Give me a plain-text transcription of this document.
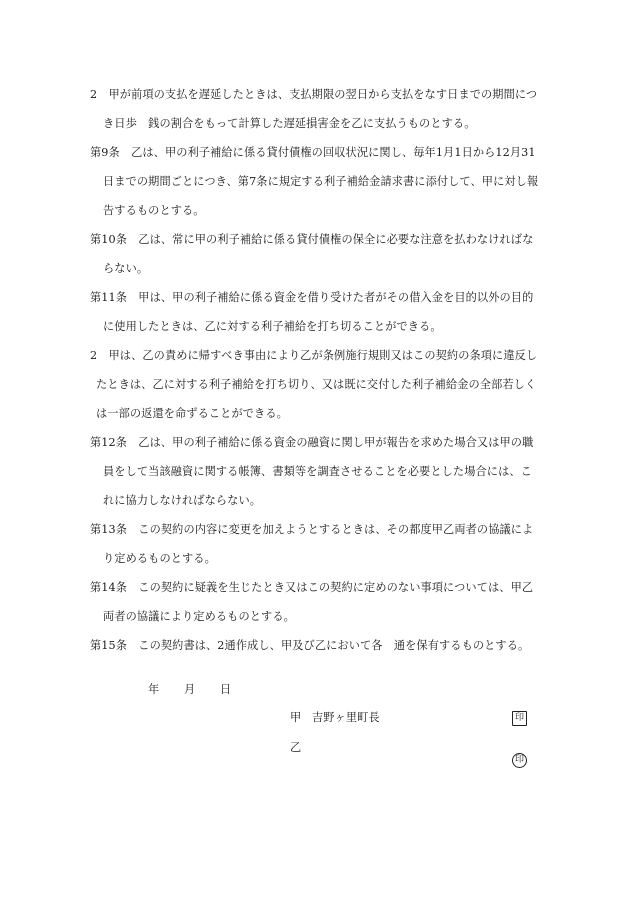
2　甲が前項の支払を遅延したときは、支払期限の翌日から支払をなす日までの期間につ
き日歩　銭の割合をもって計算した遅延損害金を乙に支払うものとする。
第9条　乙は、甲の利子補給に係る貸付債権の回収状況に関し、毎年1月1日から12月31
日までの期間ごとにつき、第7条に規定する利子補給金請求書に添付して、甲に対し報
告するものとする。
第10条　乙は、常に甲の利子補給に係る貸付債権の保全に必要な注意を払わなければな
らない。
第11条　甲は、甲の利子補給に係る資金を借り受けた者がその借入金を目的以外の目的
に使用したときは、乙に対する利子補給を打ち切ることができる。
2　甲は、乙の責めに帰すべき事由により乙が条例施行規則又はこの契約の条項に違反し
たときは、乙に対する利子補給を打ち切り、又は既に交付した利子補給金の全部若しく
は一部の返還を命ずることができる。
第12条　乙は、甲の利子補給に係る資金の融資に関し甲が報告を求めた場合又は甲の職
員をして当該融資に関する帳簿、書類等を調査させることを必要とした場合には、こ
れに協力しなければならない。
第13条　この契約の内容に変更を加えようとするときは、その都度甲乙両者の協議によ
り定めるものとする。
第14条　この契約に疑義を生じたとき又はこの契約に定めのない事項については、甲乙
両者の協議により定めるものとする。
第15条　この契約書は、2通作成し、甲及び乙において各　通を保有するものとする。
年 月 日
甲 吉野ヶ里町長	印
乙
印
